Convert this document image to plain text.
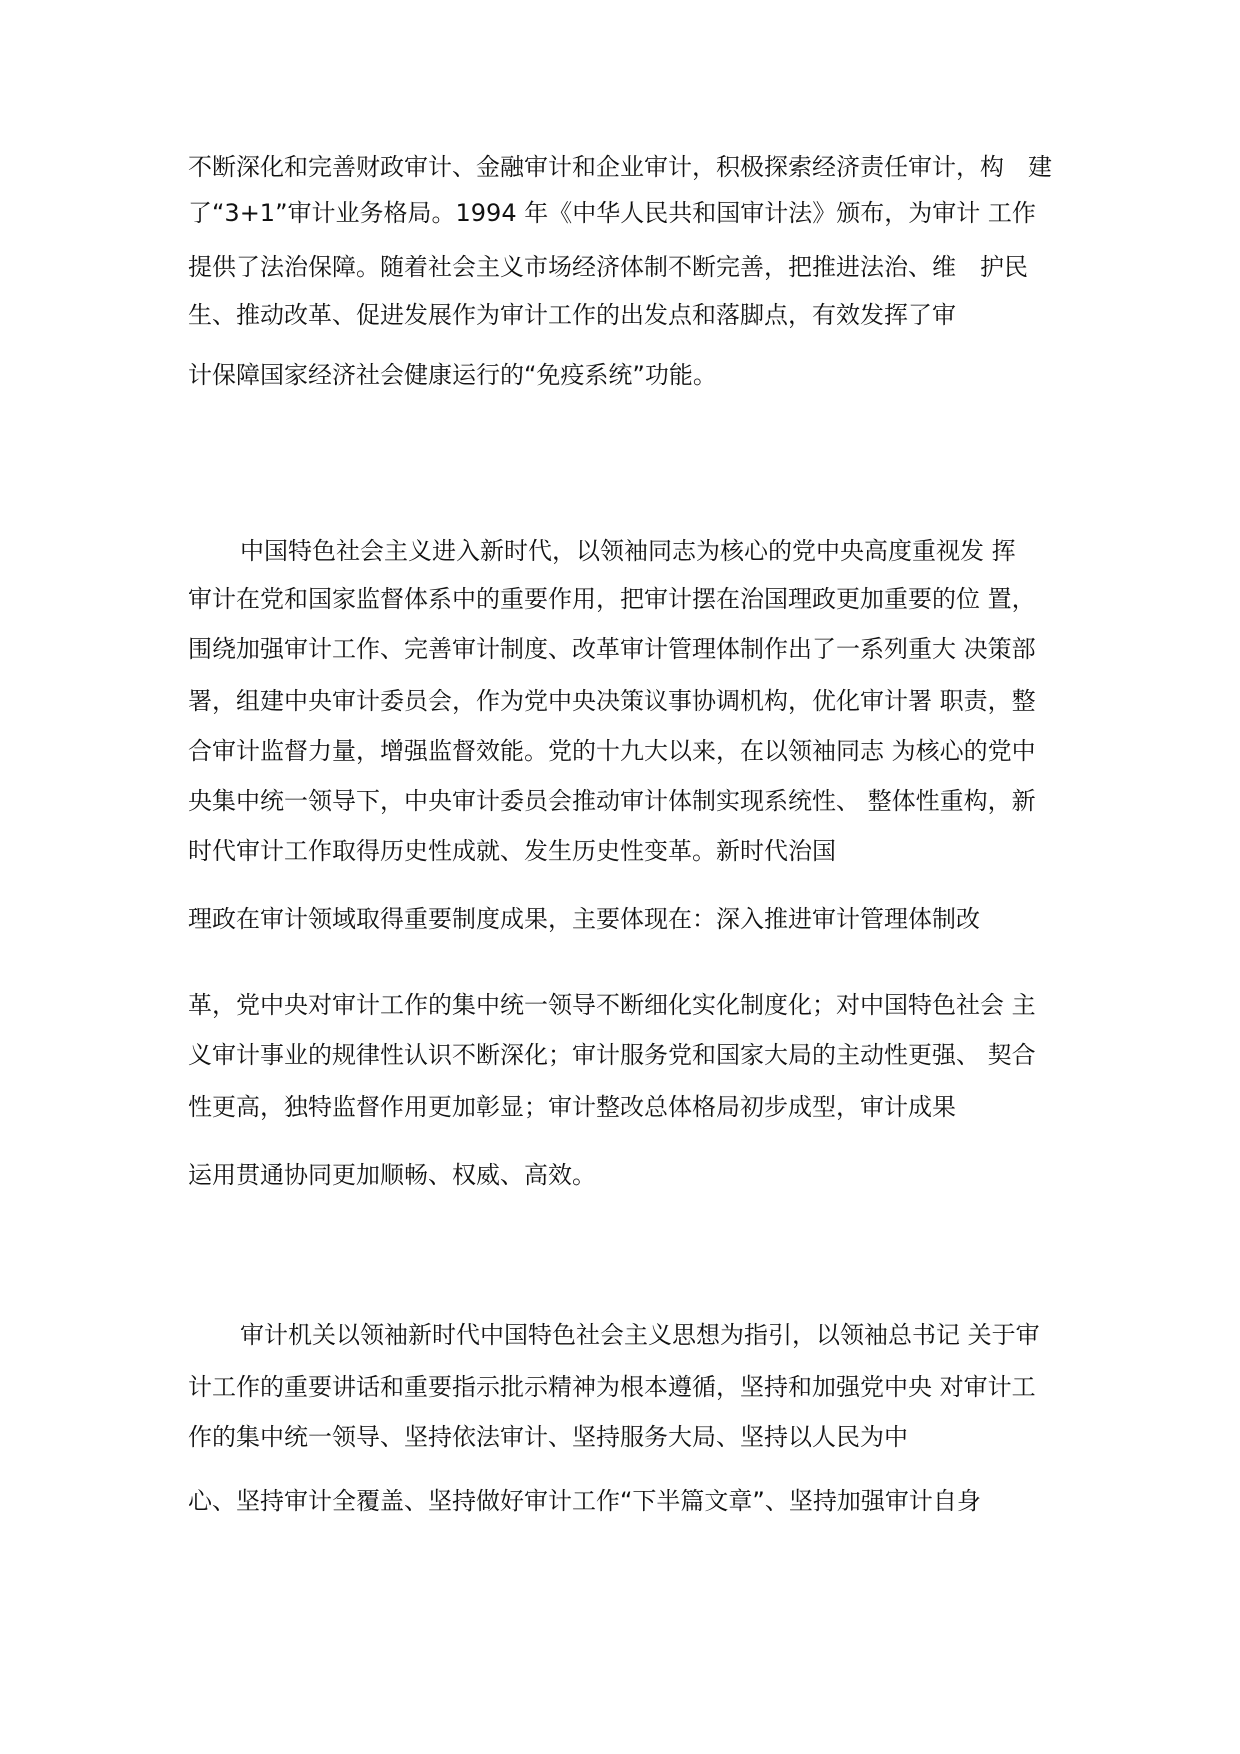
不断深化和完善财政审计、金融审计和企业审计，积极探索经济责任审计，构　建
了“3+1”审计业务格局。1994 年《中华人民共和国审计法》颁布，为审计 工作
提供了法治保障。随着社会主义市场经济体制不断完善，把推进法治、维　护民
生、推动改革、促进发展作为审计工作的出发点和落脚点，有效发挥了审
计保障国家经济社会健康运行的“免疫系统”功能。
中国特色社会主义进入新时代，以领袖同志为核心的党中央高度重视发 挥
审计在党和国家监督体系中的重要作用，把审计摆在治国理政更加重要的位 置，
围绕加强审计工作、完善审计制度、改革审计管理体制作出了一系列重大 决策部
署，组建中央审计委员会，作为党中央决策议事协调机构，优化审计署 职责，整
合审计监督力量，增强监督效能。党的十九大以来，在以领袖同志 为核心的党中
央集中统一领导下，中央审计委员会推动审计体制实现系统性、 整体性重构，新
时代审计工作取得历史性成就、发生历史性变革。新时代治国
理政在审计领域取得重要制度成果，主要体现在：深入推进审计管理体制改
革，党中央对审计工作的集中统一领导不断细化实化制度化；对中国特色社会 主
义审计事业的规律性认识不断深化；审计服务党和国家大局的主动性更强、 契合
性更高，独特监督作用更加彰显；审计整改总体格局初步成型，审计成果
运用贯通协同更加顺畅、权威、高效。
审计机关以领袖新时代中国特色社会主义思想为指引，以领袖总书记 关于审
计工作的重要讲话和重要指示批示精神为根本遵循，坚持和加强党中央 对审计工
作的集中统一领导、坚持依法审计、坚持服务大局、坚持以人民为中
心、坚持审计全覆盖、坚持做好审计工作“下半篇文章”、坚持加强审计自身
